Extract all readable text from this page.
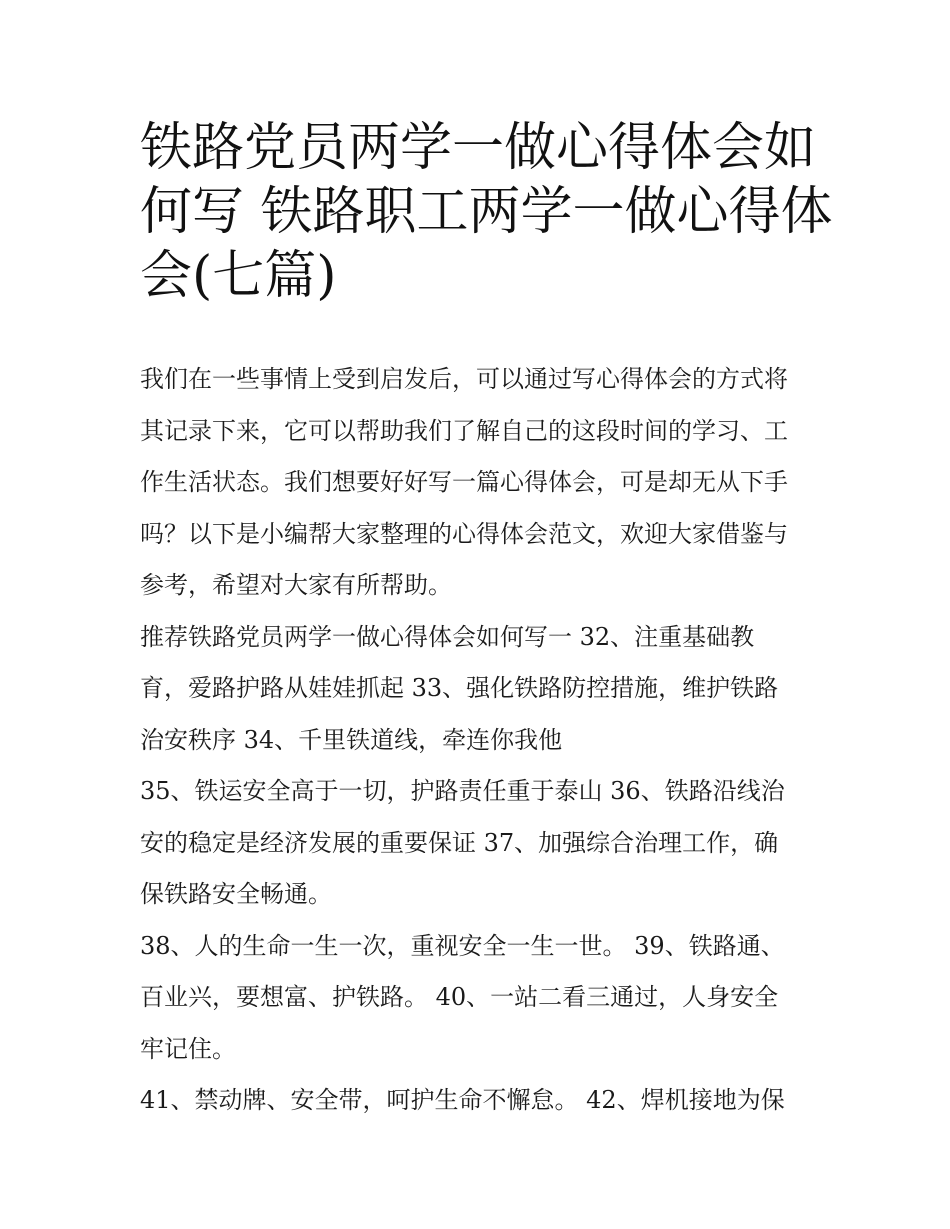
铁路党员两学一做心得体会如
何写 铁路职工两学一做心得体
会(七篇)

我们在一些事情上受到启发后，可以通过写心得体会的方式将
其记录下来，它可以帮助我们了解自己的这段时间的学习、工
作生活状态。我们想要好好写一篇心得体会，可是却无从下手
吗？以下是小编帮大家整理的心得体会范文，欢迎大家借鉴与
参考，希望对大家有所帮助。

推荐铁路党员两学一做心得体会如何写一 32、注重基础教
育，爱路护路从娃娃抓起 33、强化铁路防控措施，维护铁路
治安秩序 34、千里铁道线，牵连你我他

35、铁运安全高于一切，护路责任重于泰山 36、铁路沿线治
安的稳定是经济发展的重要保证 37、加强综合治理工作，确
保铁路安全畅通。

38、人的生命一生一次，重视安全一生一世。 39、铁路通、
百业兴，要想富、护铁路。 40、一站二看三通过，人身安全
牢记住。

41、禁动牌、安全带，呵护生命不懈怠。 42、焊机接地为保
